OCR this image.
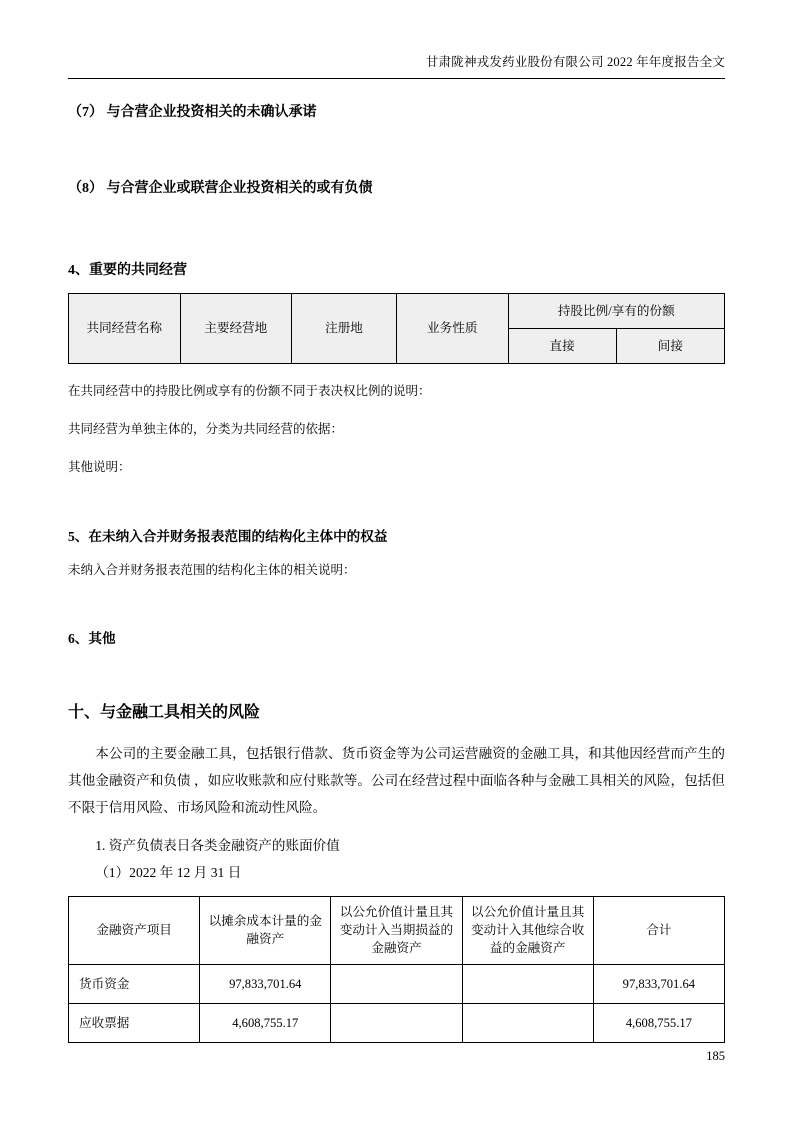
甘肃陇神戎发药业股份有限公司 2022 年年度报告全文

（7） 与合营企业投资相关的未确认承诺

（8） 与合营企业或联营企业投资相关的或有负债

4、重要的共同经营

共同经营名称	主要经营地	注册地	业务性质	持股比例/享有的份额	
				直接	间接

在共同经营中的持股比例或享有的份额不同于表决权比例的说明：

共同经营为单独主体的，分类为共同经营的依据：

其他说明：

5、在未纳入合并财务报表范围的结构化主体中的权益

未纳入合并财务报表范围的结构化主体的相关说明：

6、其他

十、与金融工具相关的风险

本公司的主要金融工具，包括银行借款、货币资金等为公司运营融资的金融工具，和其他因经营而产生的其他金融资产和负债 ，如应收账款和应付账款等。公司在经营过程中面临各种与金融工具相关的风险，包括但不限于信用风险、市场风险和流动性风险。

1. 资产负债表日各类金融资产的账面价值

（1）2022 年 12 月 31 日

金融资产项目	以摊余成本计量的金融资产	以公允价值计量且其变动计入当期损益的金融资产	以公允价值计量且其变动计入其他综合收益的金融资产	合计
货币资金	97,833,701.64			97,833,701.64
应收票据	4,608,755.17			4,608,755.17
185
